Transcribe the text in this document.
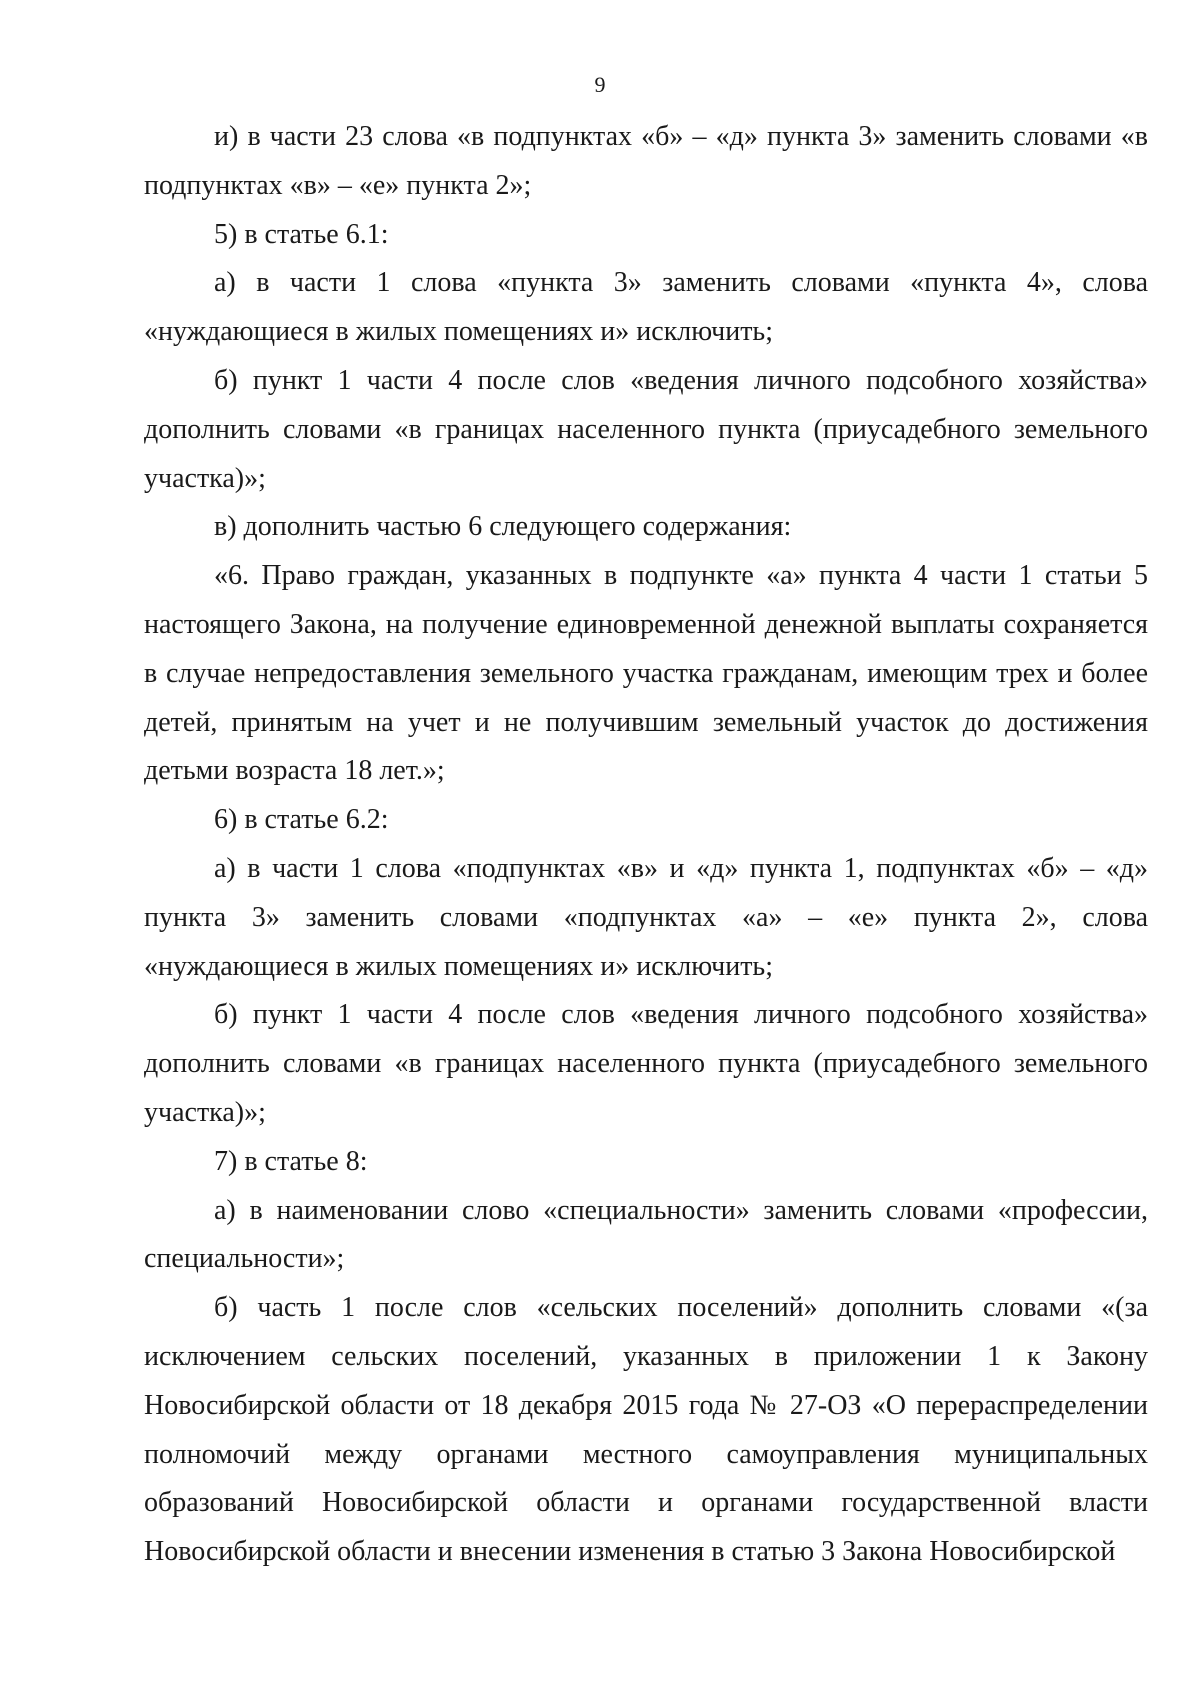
9

и) в части 23 слова «в подпунктах «б» – «д» пункта 3» заменить словами «в подпунктах «в» – «е» пункта 2»;

5) в статье 6.1:

а) в части 1 слова «пункта 3» заменить словами «пункта 4», слова «нуждающиеся в жилых помещениях и» исключить;

б) пункт 1 части 4 после слов «ведения личного подсобного хозяйства» дополнить словами «в границах населенного пункта (приусадебного земельного участка)»;

в) дополнить частью 6 следующего содержания:

«6. Право граждан, указанных в подпункте «а» пункта 4 части 1 статьи 5 настоящего Закона, на получение единовременной денежной выплаты сохраняется в случае непредоставления земельного участка гражданам, имеющим трех и более детей, принятым на учет и не получившим земельный участок до достижения детьми возраста 18 лет.»;

6) в статье 6.2:

а) в части 1 слова «подпунктах «в» и «д» пункта 1, подпунктах «б» – «д» пункта 3» заменить словами «подпунктах «а» – «е» пункта 2», слова «нуждающиеся в жилых помещениях и» исключить;

б) пункт 1 части 4 после слов «ведения личного подсобного хозяйства» дополнить словами «в границах населенного пункта (приусадебного земельного участка)»;

7) в статье 8:

а) в наименовании слово «специальности» заменить словами «профессии, специальности»;

б) часть 1 после слов «сельских поселений» дополнить словами «(за исключением сельских поселений, указанных в приложении 1 к Закону Новосибирской области от 18 декабря 2015 года № 27-ОЗ «О перераспределении полномочий между органами местного самоуправления муниципальных образований Новосибирской области и органами государственной власти Новосибирской области и внесении изменения в статью 3 Закона Новосибирской
